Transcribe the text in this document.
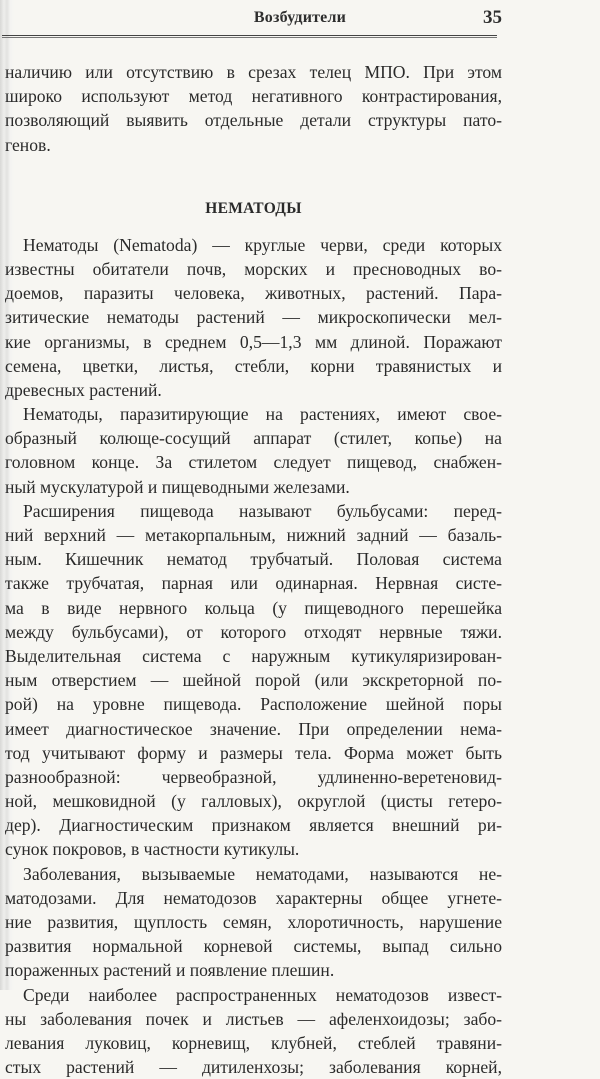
Возбудители	35
наличию или отсутствию в срезах телец МПО. При этом
широко используют метод негативного контрастирования,
позволяющий выявить отдельные детали структуры пато-
генов.
НЕМАТОДЫ
Нематоды (Nematoda) — круглые черви, среди которых
известны обитатели почв, морских и пресноводных во-
доемов, паразиты человека, животных, растений. Пара-
зитические нематоды растений — микроскопически мел-
кие организмы, в среднем 0,5—1,3 мм длиной. Поражают
семена, цветки, листья, стебли, корни травянистых и
древесных растений.
Нематоды, паразитирующие на растениях, имеют свое-
образный колюще-сосущий аппарат (стилет, копье) на
головном конце. За стилетом следует пищевод, снабжен-
ный мускулатурой и пищеводными железами.
Расширения пищевода называют бульбусами: перед-
ний верхний — метакорпальным, нижний задний — базаль-
ным. Кишечник нематод трубчатый. Половая система
также трубчатая, парная или одинарная. Нервная систе-
ма в виде нервного кольца (у пищеводного перешейка
между бульбусами), от которого отходят нервные тяжи.
Выделительная система с наружным кутикуляризирован-
ным отверстием — шейной порой (или экскреторной по-
рой) на уровне пищевода. Расположение шейной поры
имеет диагностическое значение. При определении нема-
тод учитывают форму и размеры тела. Форма может быть
разнообразной: червеобразной, удлиненно-веретеновид-
ной, мешковидной (у галловых), округлой (цисты гетеро-
дер). Диагностическим признаком является внешний ри-
сунок покровов, в частности кутикулы.
Заболевания, вызываемые нематодами, называются не-
матодозами. Для нематодозов характерны общее угнете-
ние развития, щуплость семян, хлоротичность, нарушение
развития нормальной корневой системы, выпад сильно
пораженных растений и появление плешин.
Среди наиболее распространенных нематодозов извест-
ны заболевания почек и листьев — афеленхоидозы; забо-
левания луковиц, корневищ, клубней, стеблей травяни-
стых растений — дитиленхозы; заболевания корней,
